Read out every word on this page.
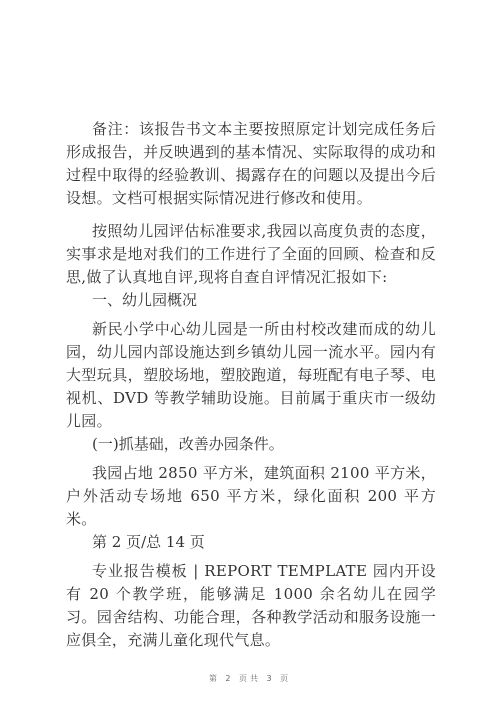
备注：该报告书文本主要按照原定计划完成任务后形成报告，并反映遇到的基本情况、实际取得的成功和过程中取得的经验教训、揭露存在的问题以及提出今后设想。文档可根据实际情况进行修改和使用。

按照幼儿园评估标准要求,我园以高度负责的态度，实事求是地对我们的工作进行了全面的回顾、检查和反思,做了认真地自评,现将自查自评情况汇报如下:

一、幼儿园概况

新民小学中心幼儿园是一所由村校改建而成的幼儿园，幼儿园内部设施达到乡镇幼儿园一流水平。园内有大型玩具，塑胶场地，塑胶跑道，每班配有电子琴、电视机、DVD 等教学辅助设施。目前属于重庆市一级幼儿园。

(一)抓基础，改善办园条件。

我园占地 2850 平方米，建筑面积 2100 平方米，户外活动专场地 650 平方米，绿化面积 200 平方米。

第 2 页/总 14 页

专业报告模板 | REPORT TEMPLATE 园内开设有 20 个教学班，能够满足 1000 余名幼儿在园学习。园舍结构、功能合理，各种教学活动和服务设施一应俱全，充满儿童化现代气息。

第 2 页共 3 页
